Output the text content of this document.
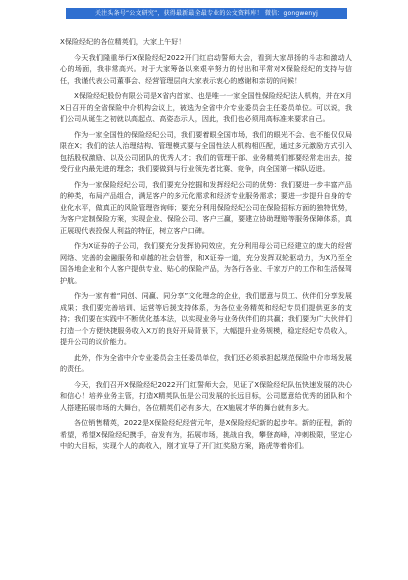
关注头条号“公文研究”，获得最新最全最专业的公文资料库！ 微信：gongwenyj

X保险经纪的各位精英们，大家上午好！

今天我们隆重举行X保险经纪2022开门红启动誓师大会，看到大家昂扬的斗志和激动人心的场面，我非常高兴。对于大家筹备以来艰辛努力的付出和平常对X保险经纪的支持与信任，我谨代表公司董事会、经营管理层向大家表示衷心的感谢和亲切的问候！

X保险经纪股份有限公司是X省内首家、也是唯一一家全国性保险经纪法人机构，并在X月X日召开的全省保险中介机构会议上，被选为全省中介专业委员会主任委员单位。可以说，我们公司从诞生之初就以高起点、高姿态示人，因此，我们也必须用高标准来要求自己。

作为一家全国性的保险经纪公司，我们要着眼全国市场，我们的眼光不会、也不能仅仅局限在X；我们的法人治理结构、管理模式要与全国性法人机构相匹配，通过多元激励方式引入包括股权激励、以及公司团队的优秀人才；我们的管理干部、业务精英们都要经常走出去，接受行业内最先进的理念；我们要做到与行业领先者比赛、竞争，向全国第一梯队迈进。

作为一家保险经纪公司，我们要充分挖掘和发挥经纪公司的优势：我们要进一步丰富产品的种类，布局产品组合，满足客户的多元化需求和经济专业服务需求；要进一步提升自身的专业化水平，做真正的风险管理咨询师；要充分利用保险经纪公司在保险招标方面的独特优势，为客户定制保险方案，实现企业、保险公司、客户三赢，要建立协助理赔等服务保障体系，真正展现代表投保人利益的特征，树立客户口碑。

作为X证券的子公司，我们要充分发挥协同效应，充分利用母公司已经建立的庞大的经营网络、完善的金融服务和卓越的社会信誉，和X证券一道，充分发挥双轮驱动力，为X乃至全国各地企业和个人客户提供专业、贴心的保险产品，为各行各业、千家万户的工作和生活保驾护航。

作为一家有着“同创、同赢、同分享”文化理念的企业，我们愿意与员工、伙伴们分享发展成果；我们要完善培训、运营等后援支持体系，为各位业务精英和经纪专员们提供更多的支持；我们要在实践中不断优化基本法，以实现业务与业务伙伴们的共赢；我们要为广大伙伴们打造一个方便快捷服务收入X万的良好开局背景下，大幅提升业务规模，稳定经纪专员收入，提升公司的议价能力。

此外，作为全省中介专业委员会主任委员单位，我们还必须承担起规范保险中介市场发展的责任。

今天，我们召开X保险经纪2022开门红誓师大会，见证了X保险经纪队伍快速发展的决心和信心！培养业务主管，打造X精英队伍是公司发展的长远目标，公司愿意给优秀的团队和个人搭建拓展市场的大舞台，各位精英们必有多大，在X施展才华的舞台就有多大。

各位销售精英，2022是X保险经纪经营元年，是X保险经纪新的起步年。新的征程，新的希望，希望X保险经纪携手，奋发有为，拓展市场，挑战自我，攀登高峰，冲刺极限，坚定心中的大目标，实现个人的高收入，刚才宣导了开门红奖励方案，路虎等着你们。
